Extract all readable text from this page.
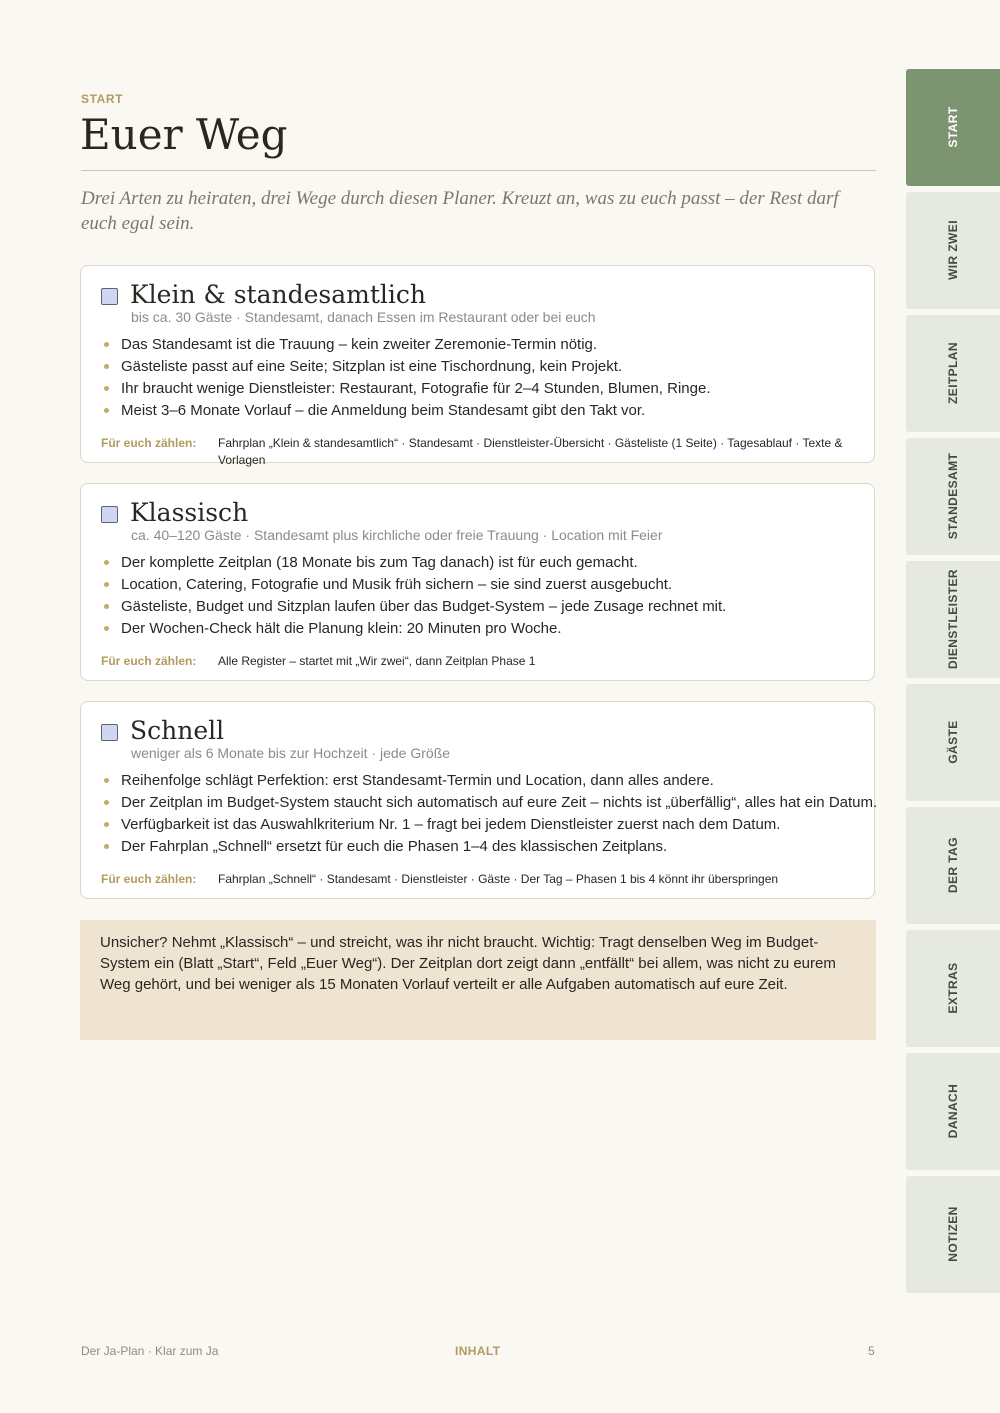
START
Euer Weg

Drei Arten zu heiraten, drei Wege durch diesen Planer. Kreuzt an, was zu euch passt – der Rest darf euch egal sein.

Klein & standesamtlich
bis ca. 30 Gäste · Standesamt, danach Essen im Restaurant oder bei euch
Das Standesamt ist die Trauung – kein zweiter Zeremonie-Termin nötig.
Gästeliste passt auf eine Seite; Sitzplan ist eine Tischordnung, kein Projekt.
Ihr braucht wenige Dienstleister: Restaurant, Fotografie für 2–4 Stunden, Blumen, Ringe.
Meist 3–6 Monate Vorlauf – die Anmeldung beim Standesamt gibt den Takt vor.
Für euch zählen:	Fahrplan „Klein & standesamtlich“ · Standesamt · Dienstleister-Übersicht · Gästeliste (1 Seite) · Tagesablauf · Texte & Vorlagen
Klassisch
ca. 40–120 Gäste · Standesamt plus kirchliche oder freie Trauung · Location mit Feier
Der komplette Zeitplan (18 Monate bis zum Tag danach) ist für euch gemacht.
Location, Catering, Fotografie und Musik früh sichern – sie sind zuerst ausgebucht.
Gästeliste, Budget und Sitzplan laufen über das Budget-System – jede Zusage rechnet mit.
Der Wochen-Check hält die Planung klein: 20 Minuten pro Woche.
Für euch zählen:	Alle Register – startet mit „Wir zwei“, dann Zeitplan Phase 1
Schnell
weniger als 6 Monate bis zur Hochzeit · jede Größe
Reihenfolge schlägt Perfektion: erst Standesamt-Termin und Location, dann alles andere.
Der Zeitplan im Budget-System staucht sich automatisch auf eure Zeit – nichts ist „überfällig“, alles hat ein Datum.
Verfügbarkeit ist das Auswahlkriterium Nr. 1 – fragt bei jedem Dienstleister zuerst nach dem Datum.
Der Fahrplan „Schnell“ ersetzt für euch die Phasen 1–4 des klassischen Zeitplans.
Für euch zählen:	Fahrplan „Schnell“ · Standesamt · Dienstleister · Gäste · Der Tag – Phasen 1 bis 4 könnt ihr überspringen

Unsicher? Nehmt „Klassisch“ – und streicht, was ihr nicht braucht. Wichtig: Tragt denselben Weg im Budget-System ein (Blatt „Start“, Feld „Euer Weg“). Der Zeitplan dort zeigt dann „entfällt“ bei allem, was nicht zu eurem Weg gehört, und bei weniger als 15 Monaten Vorlauf verteilt er alle Aufgaben automatisch auf eure Zeit.

START
WIR ZWEI
ZEITPLAN
STANDESAMT
DIENSTLEISTER
GÄSTE
DER TAG
EXTRAS
DANACH
NOTIZEN
Der Ja-Plan · Klar zum Ja	INHALT	5
